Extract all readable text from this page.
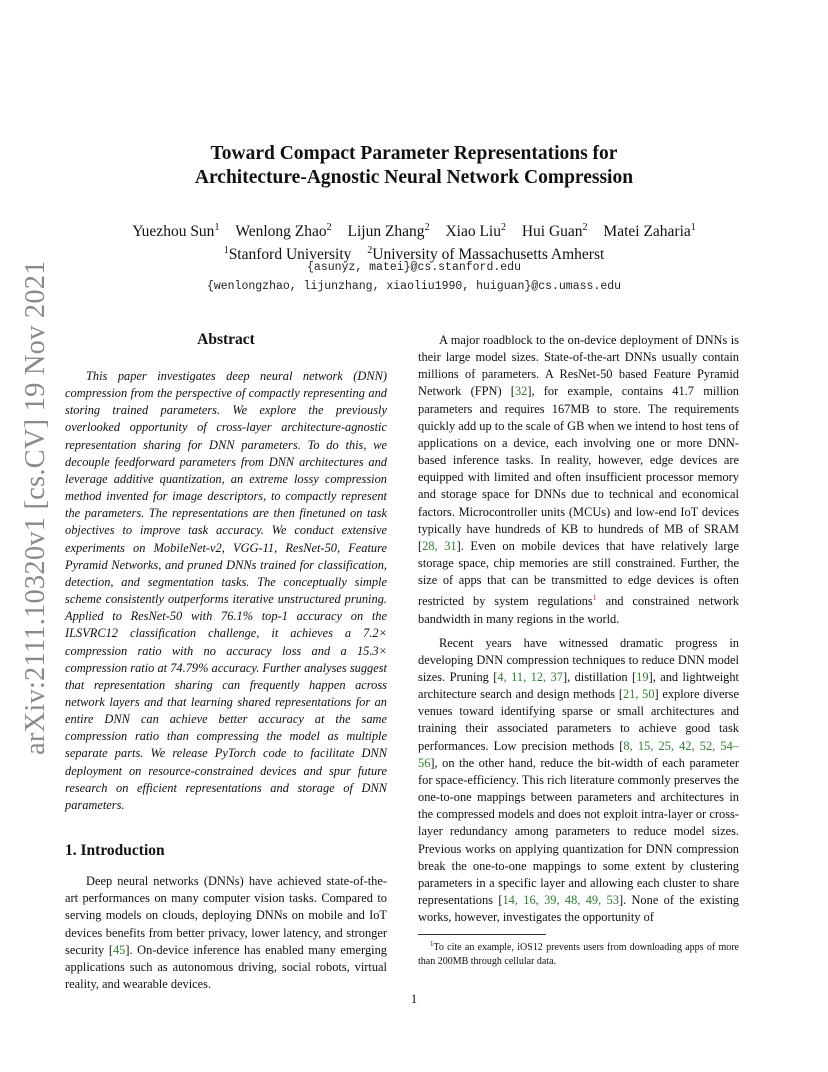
arXiv:2111.10320v1 [cs.CV] 19 Nov 2021
Toward Compact Parameter Representations for
Architecture-Agnostic Neural Network Compression
Yuezhou Sun$^1$ Wenlong Zhao$^2$ Lijun Zhang$^2$ Xiao Liu$^2$ Hui Guan$^2$ Matei Zaharia$^1$
$^1$Stanford University $^2$University of Massachusetts Amherst
{asunyz, matei}@cs.stanford.edu
{wenlongzhao, lijunzhang, xiaoliu1990, huiguan}@cs.umass.edu
Abstract

This paper investigates deep neural network (DNN) compression from the perspective of compactly representing and storing trained parameters. We explore the previously overlooked opportunity of cross-layer architecture-agnostic representation sharing for DNN parameters. To do this, we decouple feedforward parameters from DNN architectures and leverage additive quantization, an extreme lossy compression method invented for image descriptors, to compactly represent the parameters. The representations are then finetuned on task objectives to improve task accuracy. We conduct extensive experiments on MobileNet-v2, VGG-11, ResNet-50, Feature Pyramid Networks, and pruned DNNs trained for classification, detection, and segmentation tasks. The conceptually simple scheme consistently outperforms iterative unstructured pruning. Applied to ResNet-50 with 76.1% top-1 accuracy on the ILSVRC12 classification challenge, it achieves a 7.2× compression ratio with no accuracy loss and a 15.3× compression ratio at 74.79% accuracy. Further analyses suggest that representation sharing can frequently happen across network layers and that learning shared representations for an entire DNN can achieve better accuracy at the same compression ratio than compressing the model as multiple separate parts. We release PyTorch code to facilitate DNN deployment on resource-constrained devices and spur future research on efficient representations and storage of DNN parameters.

1. Introduction

Deep neural networks (DNNs) have achieved state-of-the-art performances on many computer vision tasks. Compared to serving models on clouds, deploying DNNs on mobile and IoT devices benefits from better privacy, lower latency, and stronger security [45]. On-device inference has enabled many emerging applications such as autonomous driving, social robots, virtual reality, and wearable devices.

A major roadblock to the on-device deployment of DNNs is their large model sizes. State-of-the-art DNNs usually contain millions of parameters. A ResNet-50 based Feature Pyramid Network (FPN) [32], for example, contains 41.7 million parameters and requires 167MB to store. The requirements quickly add up to the scale of GB when we intend to host tens of applications on a device, each involving one or more DNN-based inference tasks. In reality, however, edge devices are equipped with limited and often insufficient processor memory and storage space for DNNs due to technical and economical factors. Microcontroller units (MCUs) and low-end IoT devices typically have hundreds of KB to hundreds of MB of SRAM [28, 31]. Even on mobile devices that have relatively large storage space, chip memories are still constrained. Further, the size of apps that can be transmitted to edge devices is often restricted by system regulations$^1$ and constrained network bandwidth in many regions in the world.

Recent years have witnessed dramatic progress in developing DNN compression techniques to reduce DNN model sizes. Pruning [4, 11, 12, 37], distillation [19], and lightweight architecture search and design methods [21, 50] explore diverse venues toward identifying sparse or small architectures and training their associated parameters to achieve good task performances. Low precision methods [8, 15, 25, 42, 52, 54–56], on the other hand, reduce the bit-width of each parameter for space-efficiency. This rich literature commonly preserves the one-to-one mappings between parameters and architectures in the compressed models and does not exploit intra-layer or cross-layer redundancy among parameters to reduce model sizes. Previous works on applying quantization for DNN compression break the one-to-one mappings to some extent by clustering parameters in a specific layer and allowing each cluster to share representations [14, 16, 39, 48, 49, 53]. None of the existing works, however, investigates the opportunity of

$^1$To cite an example, iOS12 prevents users from downloading apps of more than 200MB through cellular data.
1
